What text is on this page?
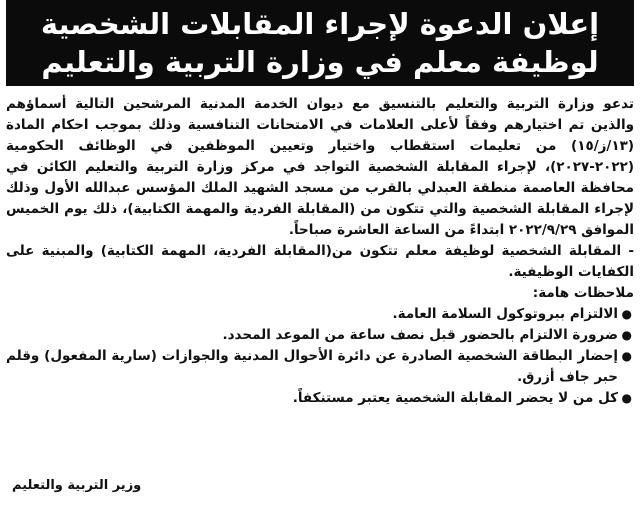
إعلان الدعوة لإجراء المقابلات الشخصية
لوظيفة معلم في وزارة التربية والتعليم

تدعو وزارة التربية والتعليم بالتنسيق مع ديوان الخدمة المدنية المرشحين التالية أسماؤهم والذين تم اختيارهم وفقاً لأعلى العلامات في الامتحانات التنافسية وذلك بموجب احكام المادة (١٣/ز/١٥) من تعليمات استقطاب واختيار وتعيين الموظفين في الوظائف الحكومية (٢٠٢٢-٢٠٢٧)، لإجراء المقابلة الشخصية التواجد في مركز وزارة التربية والتعليم الكائن في محافظة العاصمة منطقة العبدلي بالقرب من مسجد الشهيد الملك المؤسس عبدالله الأول وذلك لإجراء المقابلة الشخصية والتي تتكون من (المقابلة الفردية والمهمة الكتابية)، ذلك يوم الخميس الموافق ٢٠٢٢/٩/٢٩ ابتداءً من الساعة العاشرة صباحاً.

- المقابلة الشخصية لوظيفة معلم تتكون من(المقابلة الفردية، المهمة الكتابية) والمبنية على الكفايات الوظيفية.

ملاحظات هامة:

● الالتزام ببروتوكول السلامة العامة.
● ضرورة الالتزام بالحضور قبل نصف ساعة من الموعد المحدد.
● إحضار البطاقة الشخصية الصادرة عن دائرة الأحوال المدنية والجوازات (سارية المفعول) وقلم حبر جاف أزرق.
● كل من لا يحضر المقابلة الشخصية يعتبر مستنكفاً.
وزير التربية والتعليم
